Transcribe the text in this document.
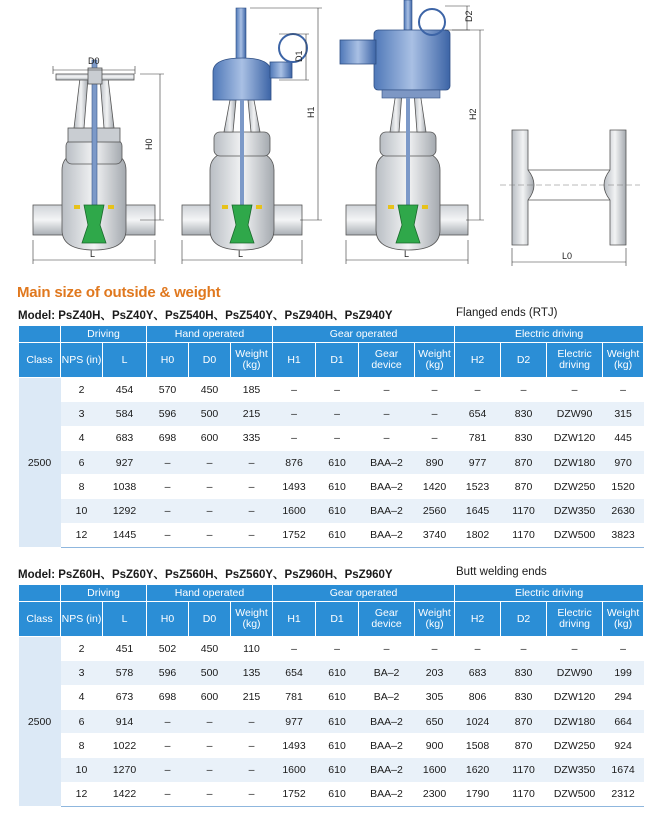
D0
H0
L
D1
H1
L
D2
H2
L	L0
Main size of outside & weight
Model: PsZ40H、PsZ40Y、PsZ540H、PsZ540Y、PsZ940H、PsZ940Y	Flanged ends (RTJ)
	Driving		Hand operated			Gear operated				Electric driving			
Class	NPS (in)	L	H0	D0	Weight (kg)	H1	D1	Gear device	Weight (kg)	H2	D2	Electric driving	Weight (kg)
2500	2	454	570	450	185	–	–	–	–	–	–	–	–
	3	584	596	500	215	–	–	–	–	654	830	DZW90	315
	4	683	698	600	335	–	–	–	–	781	830	DZW120	445
	6	927	–	–	–	876	610	BAA–2	890	977	870	DZW180	970
	8	1038	–	–	–	1493	610	BAA–2	1420	1523	870	DZW250	1520
	10	1292	–	–	–	1600	610	BAA–2	2560	1645	1170	DZW350	2630
	12	1445	–	–	–	1752	610	BAA–2	3740	1802	1170	DZW500	3823
Model: PsZ60H、PsZ60Y、PsZ560H、PsZ560Y、PsZ960H、PsZ960Y	Butt welding ends
	Driving		Hand operated			Gear operated				Electric driving			
Class	NPS (in)	L	H0	D0	Weight (kg)	H1	D1	Gear device	Weight (kg)	H2	D2	Electric driving	Weight (kg)
2500	2	451	502	450	110	–	–	–	–	–	–	–	–
	3	578	596	500	135	654	610	BA–2	203	683	830	DZW90	199
	4	673	698	600	215	781	610	BA–2	305	806	830	DZW120	294
	6	914	–	–	–	977	610	BAA–2	650	1024	870	DZW180	664
	8	1022	–	–	–	1493	610	BAA–2	900	1508	870	DZW250	924
	10	1270	–	–	–	1600	610	BAA–2	1600	1620	1170	DZW350	1674
	12	1422	–	–	–	1752	610	BAA–2	2300	1790	1170	DZW500	2312
